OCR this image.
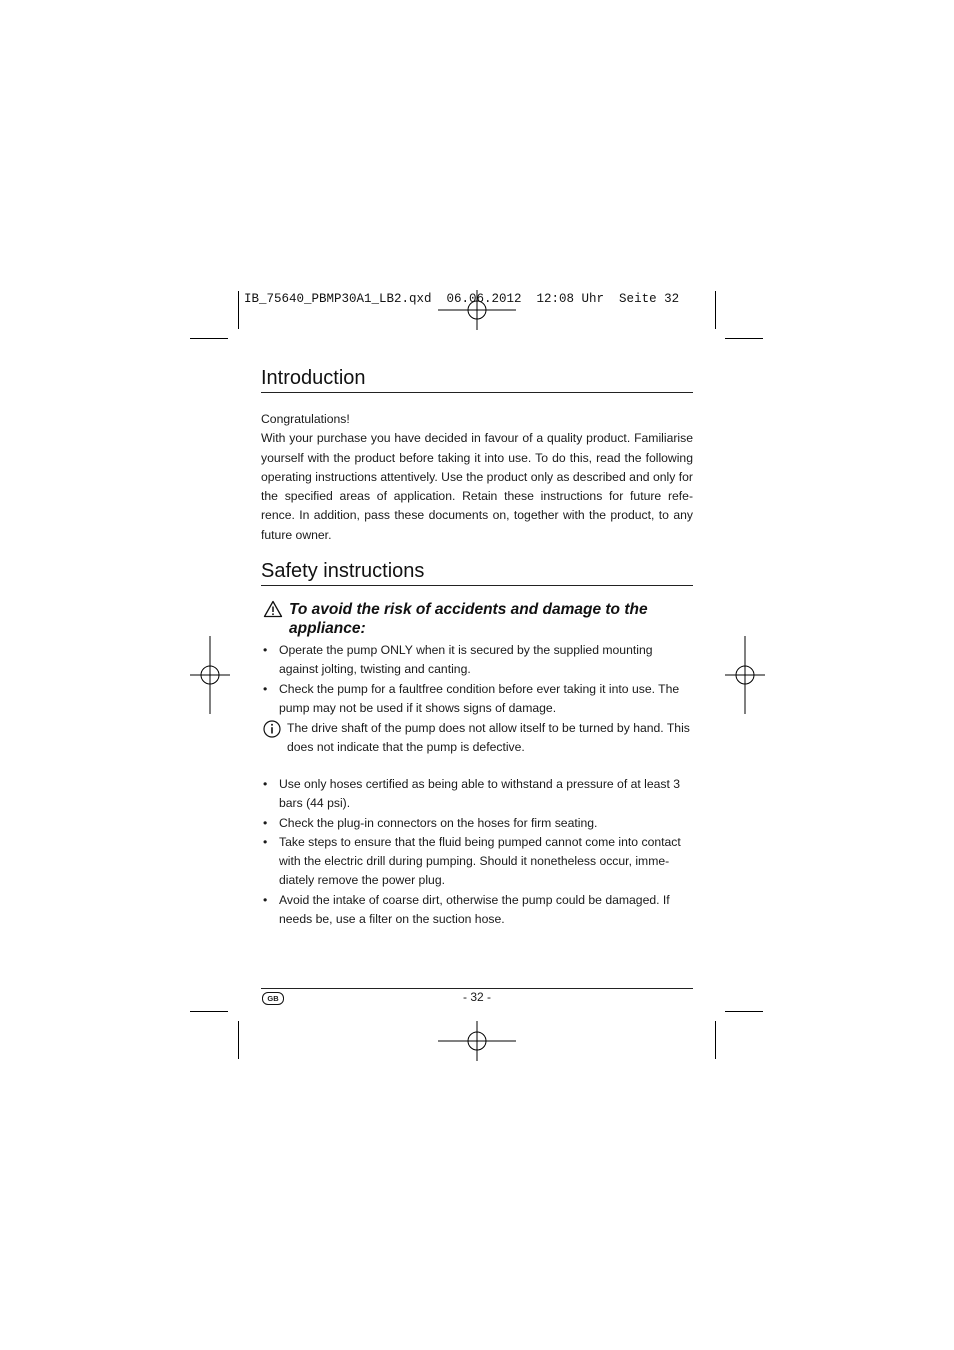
IB_75640_PBMP30A1_LB2.qxd  06.06.2012  12:08 Uhr  Seite 32
Introduction

Congratulations!

With your purchase you have decided in favour of a quality product. Familiarise yourself with the product before taking it into use. To do this, read the following operating instructions attentively. Use the product only as described and only for the specified areas of application. Retain these instructions for future refe-rence. In addition, pass these documents on, together with the product, to any future owner.

Safety instructions
To avoid the risk of accidents and damage to the appliance:
• Operate the pump ONLY when it is secured by the supplied mounting against jolting, twisting and canting.
• Check the pump for a faultfree condition before ever taking it into use. The pump may not be used if it shows signs of damage.
The drive shaft of the pump does not allow itself to be turned by hand. This does not indicate that the pump is defective.
• Use only hoses certified as being able to withstand a pressure of at least 3 bars (44 psi).
• Check the plug-in connectors on the hoses for firm seating.
• Take steps to ensure that the fluid being pumped cannot come into contact with the electric drill during pumping. Should it nonetheless occur, imme-diately remove the power plug.
• Avoid the intake of coarse dirt, otherwise the pump could be damaged. If needs be, use a filter on the suction hose.
GB	- 32 -
